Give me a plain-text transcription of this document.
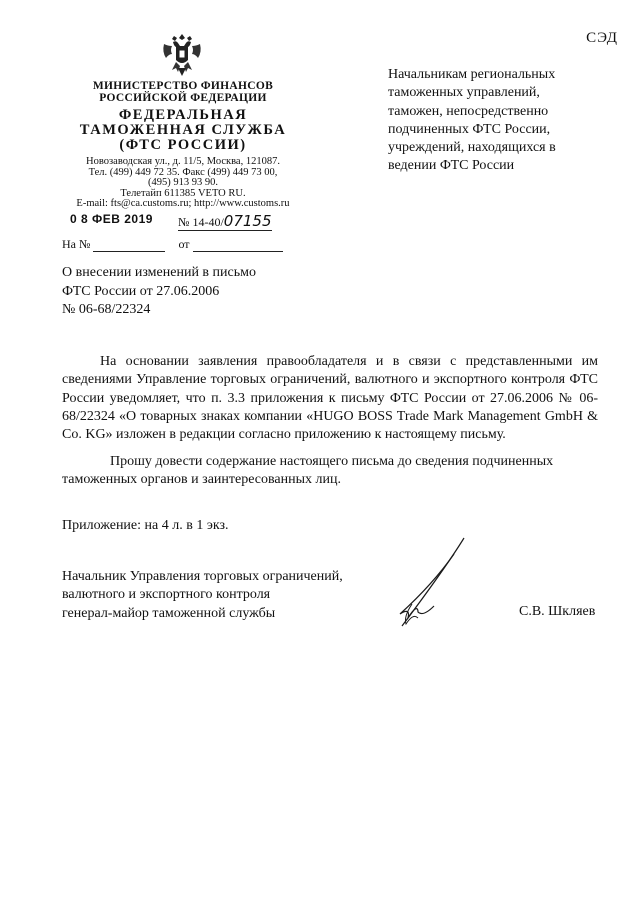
СЭД
МИНИСТЕРСТВО ФИНАНСОВ
РОССИЙСКОЙ ФЕДЕРАЦИИ
ФЕДЕРАЛЬНАЯ
ТАМОЖЕННАЯ СЛУЖБА
(ФТС РОССИИ)
Новозаводская ул., д. 11/5, Москва, 121087.
Тел. (499) 449 72 35. Факс (499) 449 73 00,
(495) 913 93 90.
Телетайп 611385 VETO RU.
E-mail: fts@ca.customs.ru; http://www.customs.ru
0 8 ФЕВ 2019 № 14-40/07155
На №	от
Начальникам региональных таможенных управлений, таможен, непосредственно подчиненных ФТС России, учреждений, находящихся в ведении ФТС России
О внесении изменений в письмо
ФТС России от 27.06.2006
№ 06-68/22324
На основании заявления правообладателя и в связи с представленными им сведениями Управление торговых ограничений, валютного и экспортного контроля ФТС России уведомляет, что п. 3.3 приложения к письму ФТС России от 27.06.2006 № 06-68/22324 «О товарных знаках компании «HUGO BOSS Trade Mark Management GmbH & Co. KG» изложен в редакции согласно приложению к настоящему письму.
Прошу довести содержание настоящего письма до сведения подчиненных таможенных органов и заинтересованных лиц.
Приложение: на 4 л. в 1 экз.
Начальник Управления торговых ограничений,
валютного и экспортного контроля
генерал-майор таможенной службы	С.В. Шкляев
